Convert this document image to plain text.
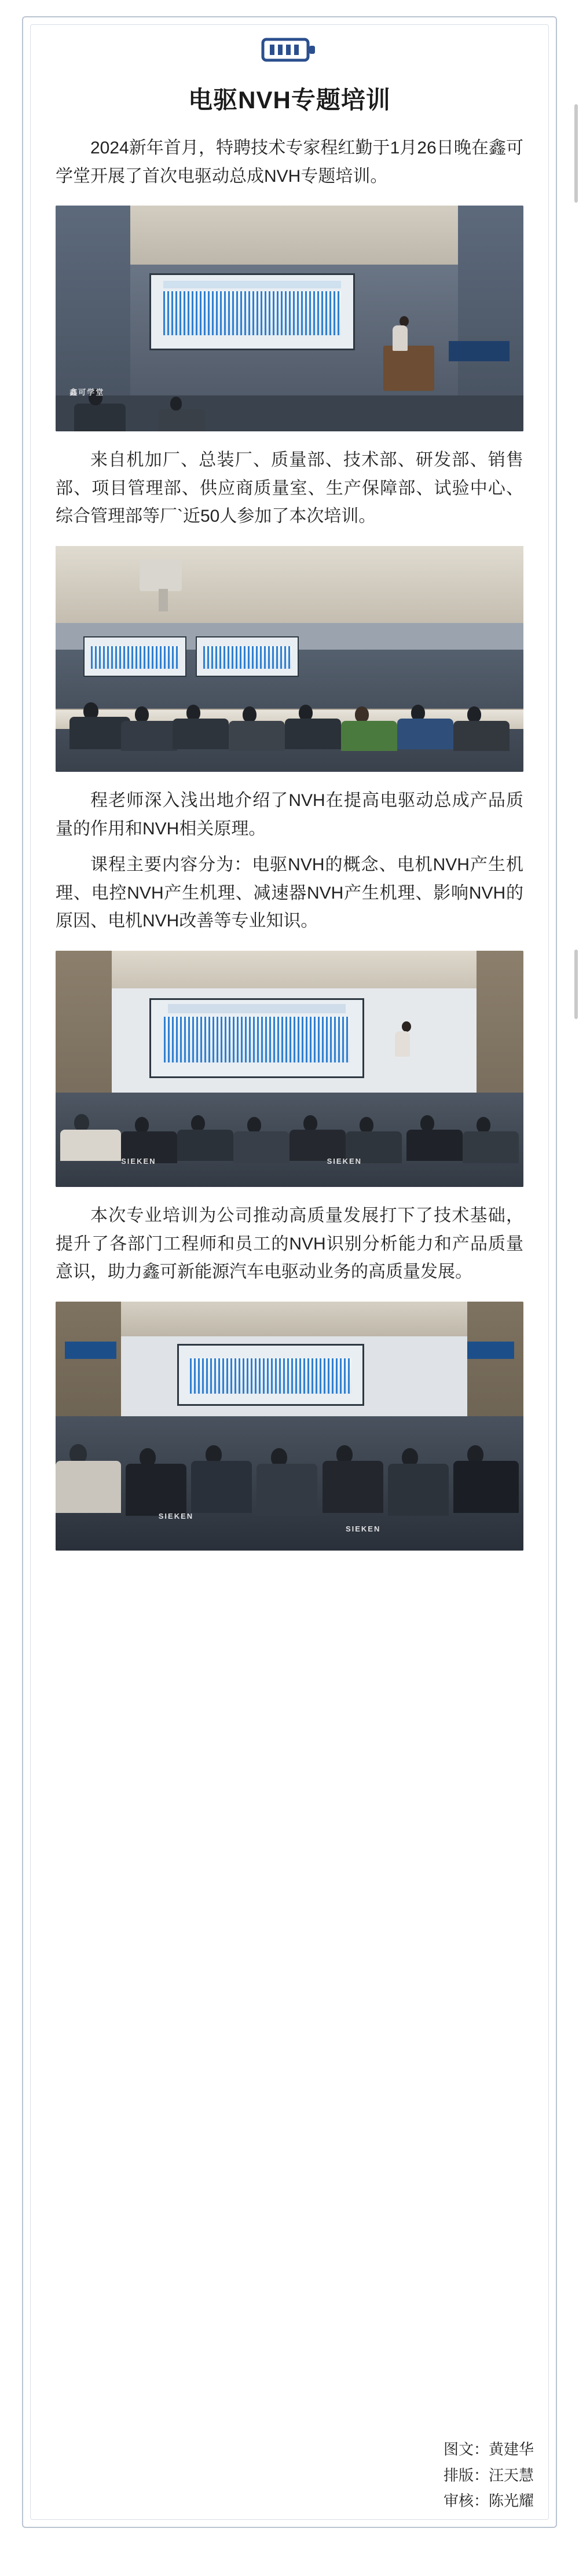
电驱NVH专题培训

2024新年首月，特聘技术专家程红勤于1月26日晚在鑫可学堂开展了首次电驱动总成NVH专题培训。

鑫可学堂

来自机加厂、总装厂、质量部、技术部、研发部、销售部、项目管理部、供应商质量室、生产保障部、试验中心、综合管理部等厂`近50人参加了本次培训。

程老师深入浅出地介绍了NVH在提高电驱动总成产品质量的作用和NVH相关原理。

课程主要内容分为：电驱NVH的概念、电机NVH产生机理、电控NVH产生机理、减速器NVH产生机理、影响NVH的原因、电机NVH改善等专业知识。

SIEKEN	SIEKEN

本次专业培训为公司推动高质量发展打下了技术基础，提升了各部门工程师和员工的NVH识别分析能力和产品质量意识，助力鑫可新能源汽车电驱动业务的高质量发展。

SIEKEN
SIEKEN
图文：黄建华
排版：汪天慧
审核：陈光耀
